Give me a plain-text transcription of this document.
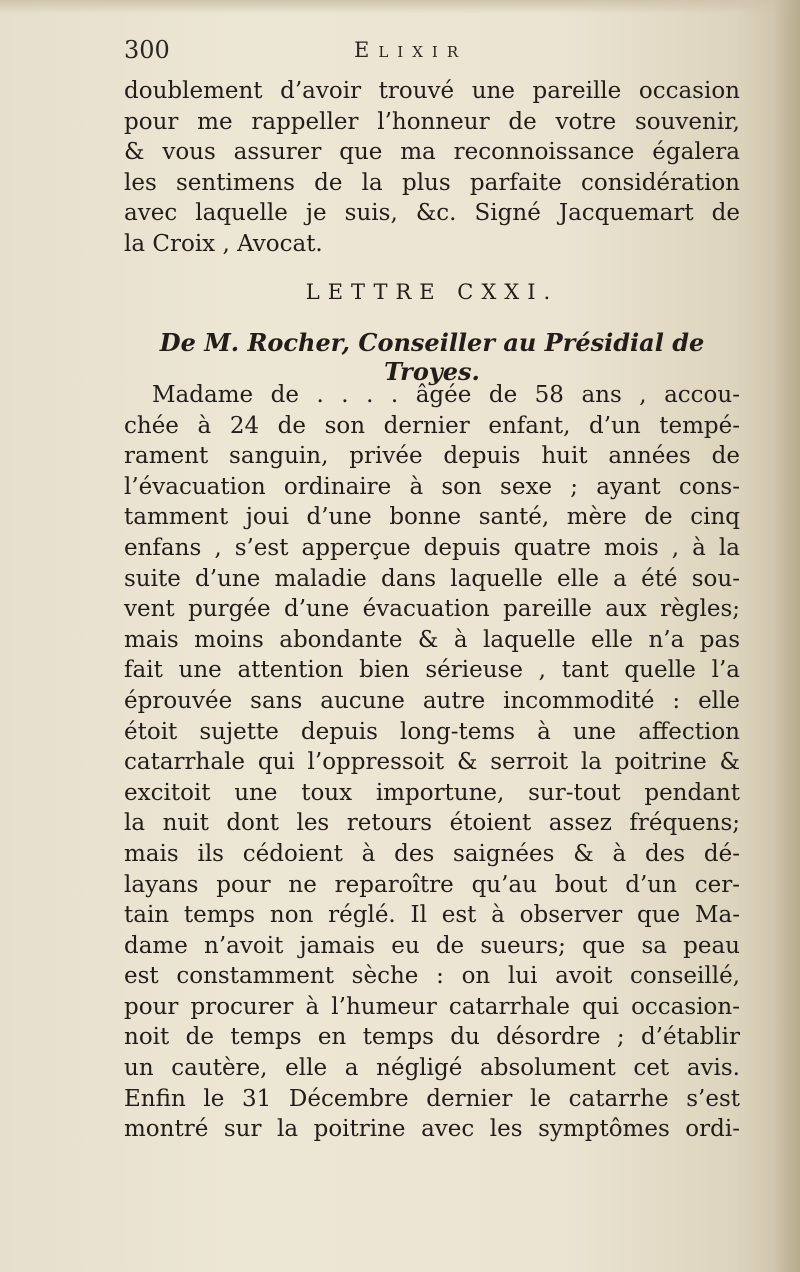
300	Elixir
doublement d’avoir trouvé une pareille occasion
pour me rappeller l’honneur de votre souvenir,
& vous assurer que ma reconnoissance égalera
les sentimens de la plus parfaite considération
avec laquelle je suis, &c. Signé Jacquemart de
la Croix , Avocat.
LETTRE CXXI.
De M. Rocher, Conseiller au Présidial de Troyes.
Madame de . . . . âgée de 58 ans , accou-
chée à 24 de son dernier enfant, d’un tempé-
rament sanguin, privée depuis huit années de
l’évacuation ordinaire à son sexe ; ayant cons-
tamment joui d’une bonne santé, mère de cinq
enfans , s’est apperçue depuis quatre mois , à la
suite d’une maladie dans laquelle elle a été sou-
vent purgée d’une évacuation pareille aux règles;
mais moins abondante & à laquelle elle n’a pas
fait une attention bien sérieuse , tant quelle l’a
éprouvée sans aucune autre incommodité : elle
étoit sujette depuis long-tems à une affection
catarrhale qui l’oppressoit & serroit la poitrine &
excitoit une toux importune, sur-tout pendant
la nuit dont les retours étoient assez fréquens;
mais ils cédoient à des saignées & à des dé-
layans pour ne reparoître qu’au bout d’un cer-
tain temps non réglé. Il est à observer que Ma-
dame n’avoit jamais eu de sueurs; que sa peau
est constamment sèche : on lui avoit conseillé,
pour procurer à l’humeur catarrhale qui occasion-
noit de temps en temps du désordre ; d’établir
un cautère, elle a négligé absolument cet avis.
Enfin le 31 Décembre dernier le catarrhe s’est
montré sur la poitrine avec les symptômes ordi-
